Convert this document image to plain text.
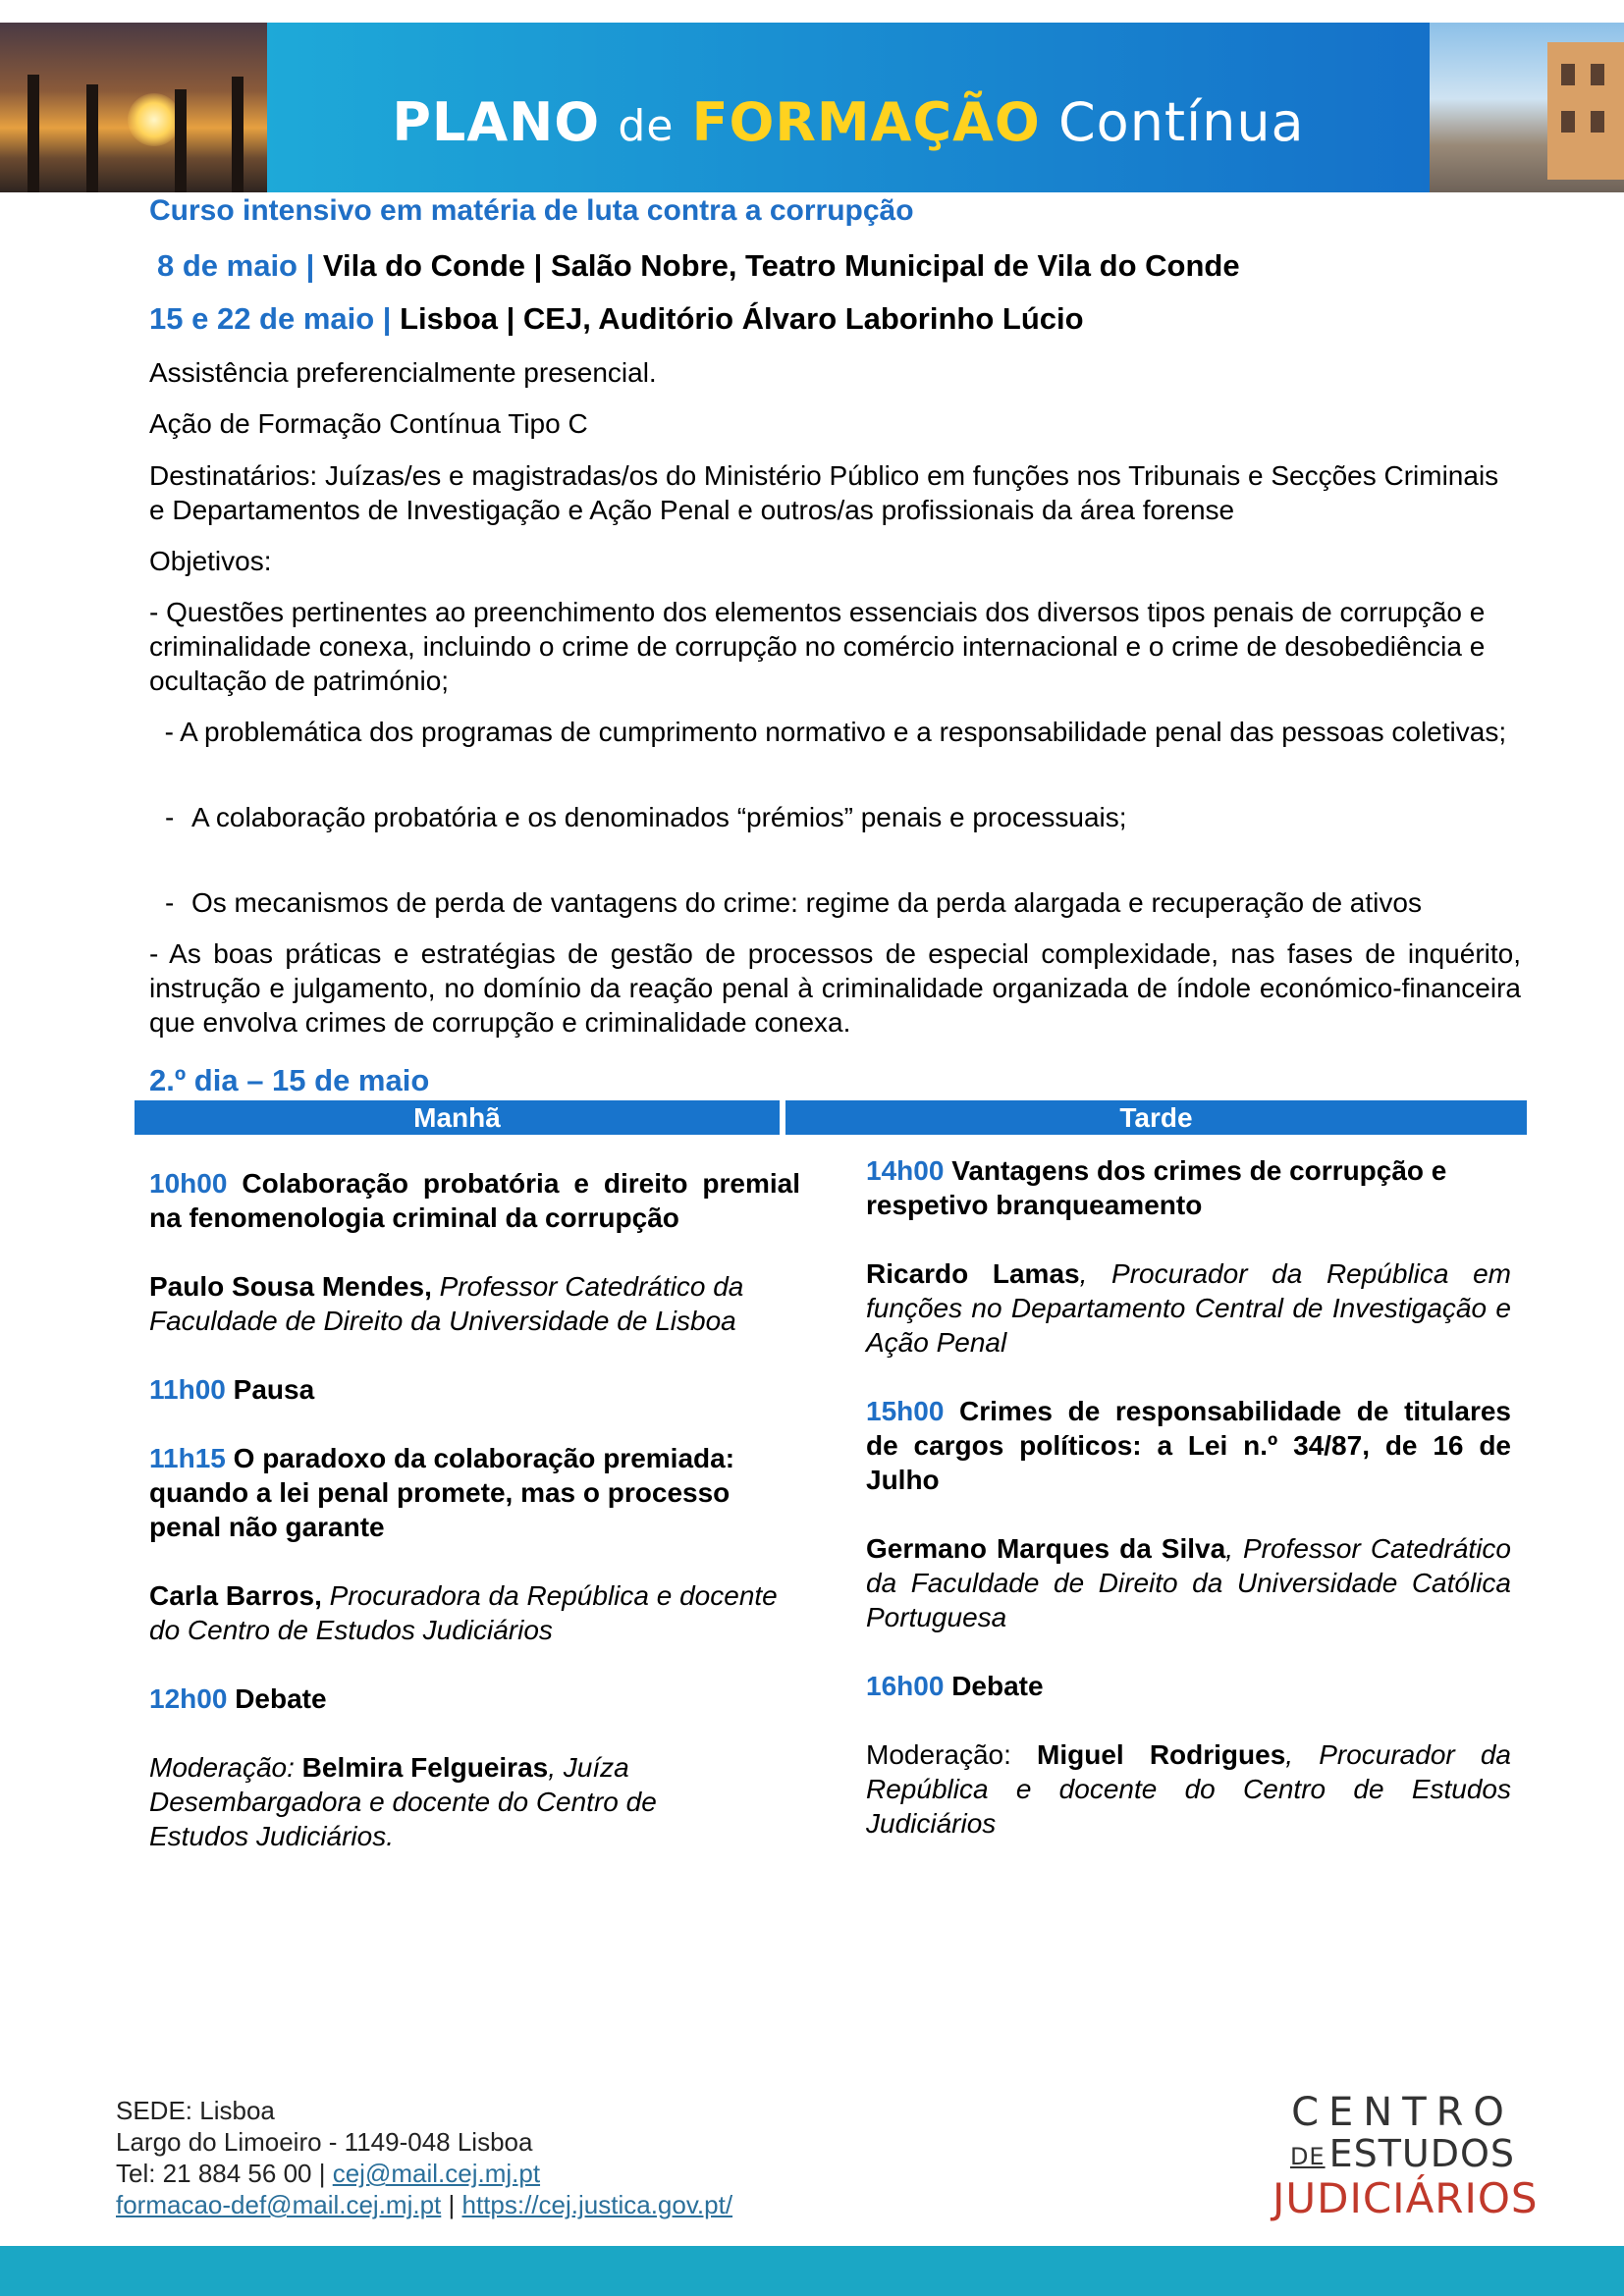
PLANO de FORMAÇÃO Contínua
Curso intensivo em matéria de luta contra a corrupção
8 de maio | Vila do Conde | Salão Nobre, Teatro Municipal de Vila do Conde
15 e 22 de maio | Lisboa | CEJ, Auditório Álvaro Laborinho Lúcio
Assistência preferencialmente presencial.
Ação de Formação Contínua Tipo C
Destinatários: Juízas/es e magistradas/os do Ministério Público em funções nos Tribunais e Secções Criminais e Departamentos de Investigação e Ação Penal e outros/as profissionais da área forense
Objetivos:
- Questões pertinentes ao preenchimento dos elementos essenciais dos diversos tipos penais de corrupção e criminalidade conexa, incluindo o crime de corrupção no comércio internacional e o crime de desobediência e ocultação de património;
- A problemática dos programas de cumprimento normativo e a responsabilidade penal das pessoas coletivas;
- A colaboração probatória e os denominados “prémios” penais e processuais;
- Os mecanismos de perda de vantagens do crime: regime da perda alargada e recuperação de ativos
- As boas práticas e estratégias de gestão de processos de especial complexidade, nas fases de inquérito, instrução e julgamento, no domínio da reação penal à criminalidade organizada de índole económico-financeira que envolva crimes de corrupção e criminalidade conexa.
2.º dia – 15 de maio
Manhã	Tarde

10h00 Colaboração probatória e direito premial na fenomenologia criminal da corrupção

Paulo Sousa Mendes, Professor Catedrático da Faculdade de Direito da Universidade de Lisboa

11h00 Pausa

11h15 O paradoxo da colaboração premiada: quando a lei penal promete, mas o processo penal não garante

Carla Barros, Procuradora da República e docente do Centro de Estudos Judiciários

12h00 Debate

Moderação: Belmira Felgueiras, Juíza Desembargadora e docente do Centro de Estudos Judiciários.

14h00 Vantagens dos crimes de corrupção e respetivo branqueamento

Ricardo Lamas, Procurador da República em funções no Departamento Central de Investigação e Ação Penal

15h00 Crimes de responsabilidade de titulares de cargos políticos: a Lei n.º 34/87, de 16 de Julho

Germano Marques da Silva, Professor Catedrático da Faculdade de Direito da Universidade Católica Portuguesa

16h00 Debate

Moderação: Miguel Rodrigues, Procurador da República e docente do Centro de Estudos Judiciários

SEDE: Lisboa
Largo do Limoeiro - 1149-048 Lisboa
Tel: 21 884 56 00 | cej@mail.cej.mj.pt
formacao-def@mail.cej.mj.pt | https://cej.justica.gov.pt/
CENTRO
DE ESTUDOS
JUDICIÁRIOS
